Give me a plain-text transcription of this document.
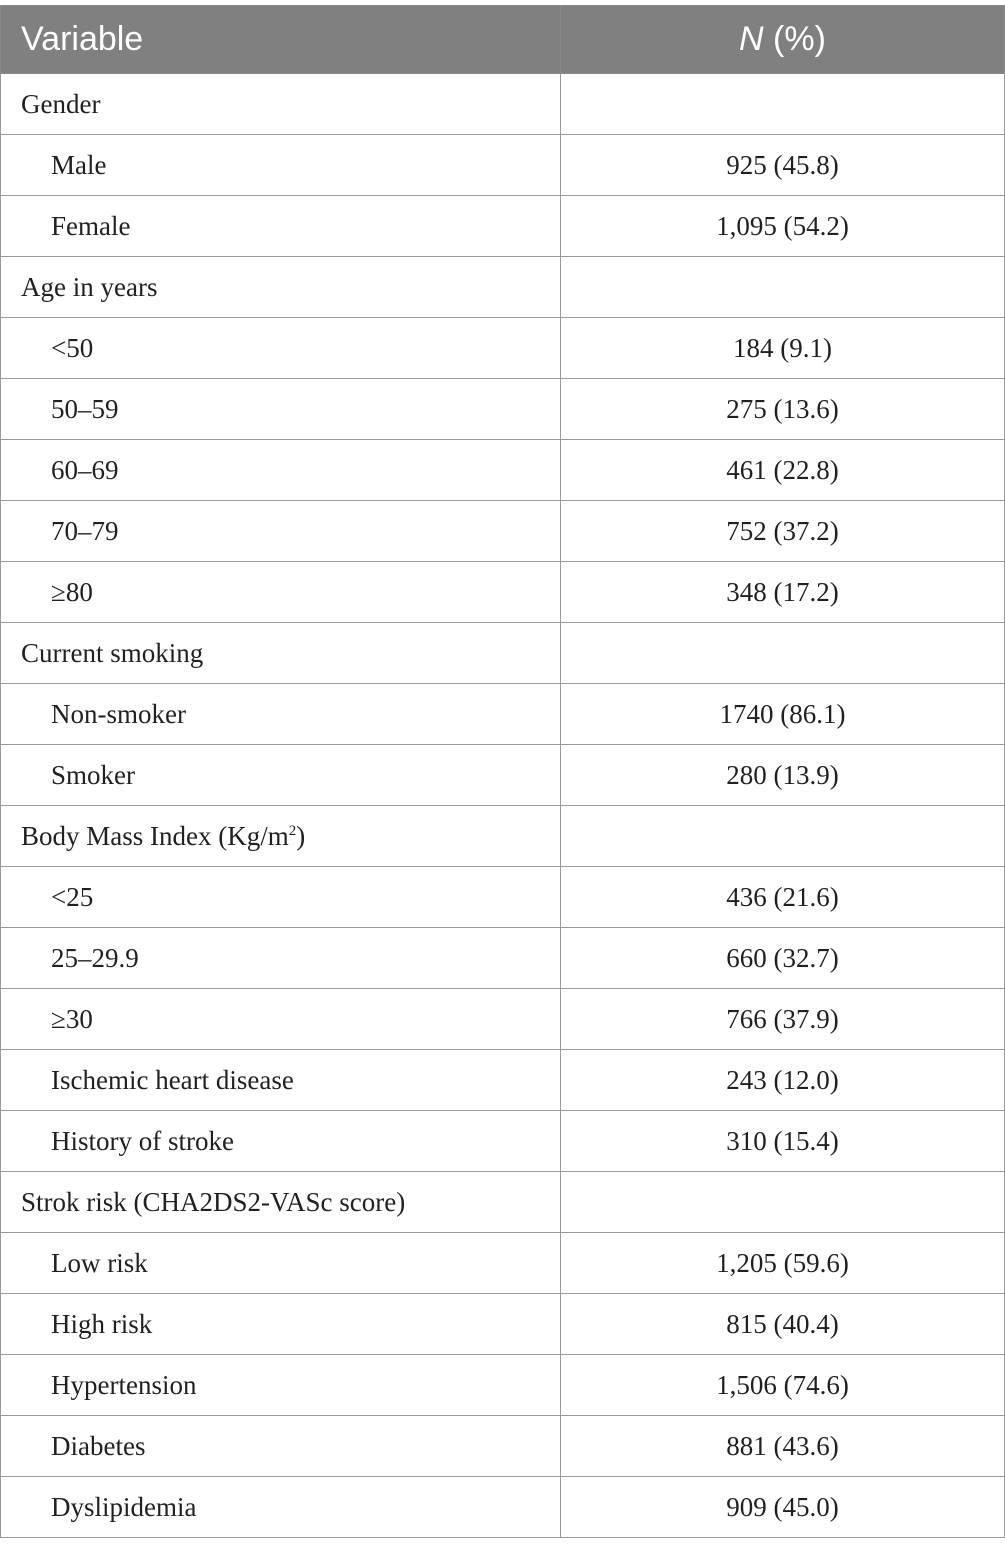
Variable	N (%)
Gender	
Male	925 (45.8)
Female	1,095 (54.2)
Age in years	
<50	184 (9.1)
50–59	275 (13.6)
60–69	461 (22.8)
70–79	752 (37.2)
≥80	348 (17.2)
Current smoking	
Non-smoker	1740 (86.1)
Smoker	280 (13.9)
Body Mass Index $(Kg/m^2)$	
<25	436 (21.6)
25–29.9	660 (32.7)
≥30	766 (37.9)
Ischemic heart disease	243 (12.0)
History of stroke	310 (15.4)
Strok risk (CHA2DS2-VASc score)	
Low risk	1,205 (59.6)
High risk	815 (40.4)
Hypertension	1,506 (74.6)
Diabetes	881 (43.6)
Dyslipidemia	909 (45.0)
